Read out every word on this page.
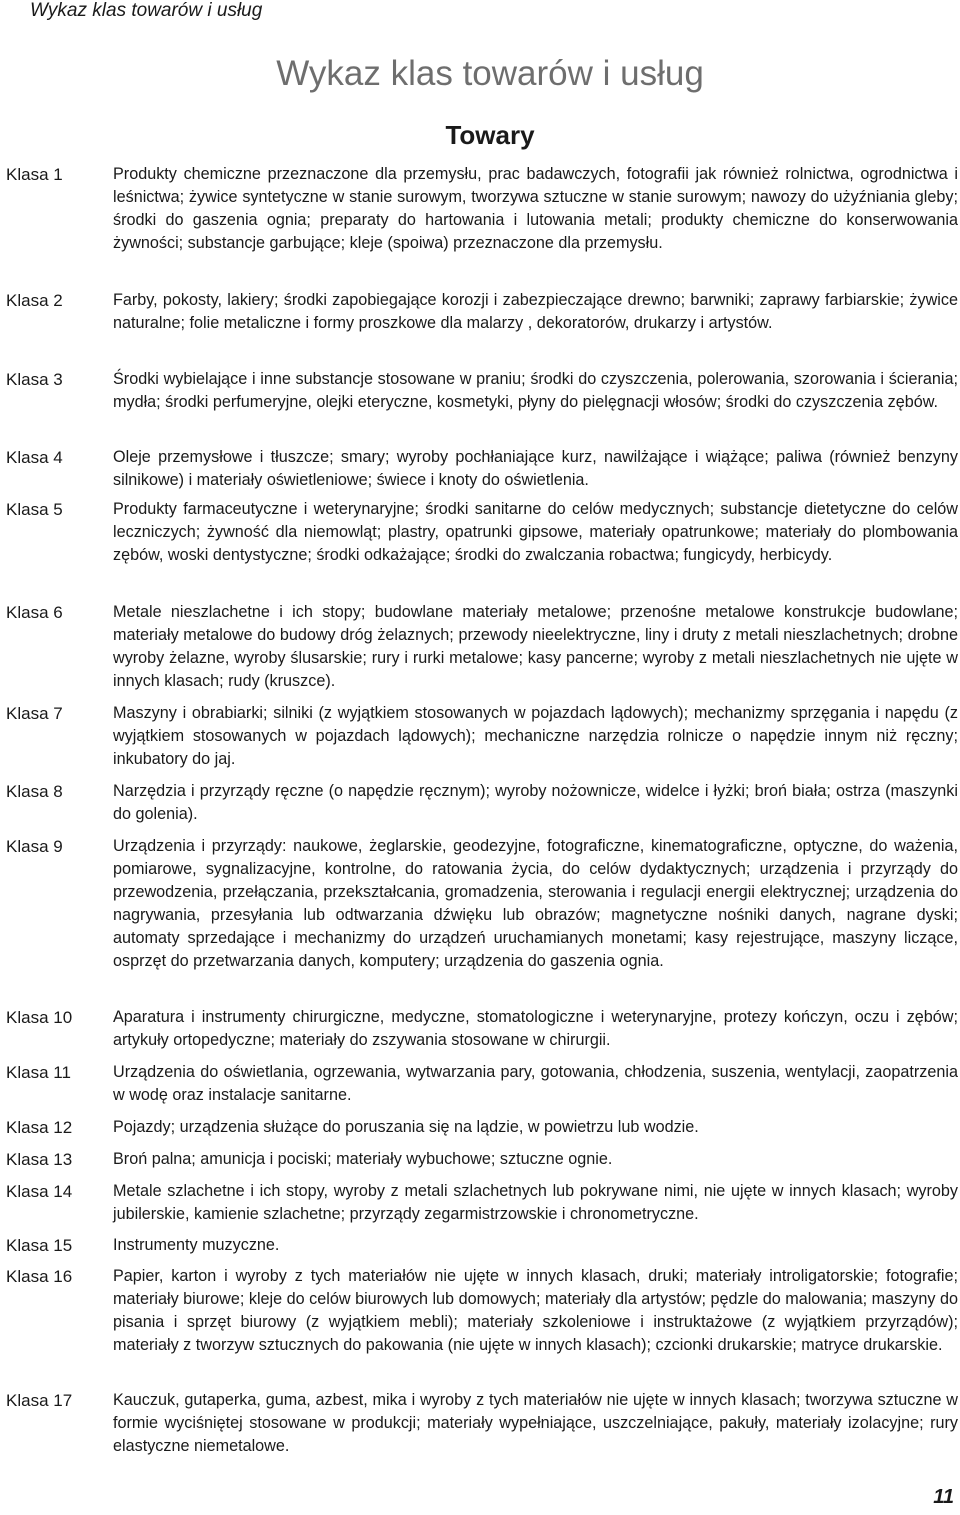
Wykaz klas towarów i usług
Wykaz klas towarów i usług
Towary
Klasa 1	Produkty chemiczne przeznaczone dla przemysłu, prac badawczych, fotografii jak również rolnictwa, ogrodnictwa i leśnictwa; żywice syntetyczne w stanie surowym, tworzywa sztuczne w stanie surowym; nawozy do użyźniania gleby; środki do gaszenia ognia; preparaty do hartowania i lutowania metali; produkty chemiczne do konserwowania żywności; substancje garbujące; kleje (spoiwa) przeznaczone dla przemysłu.
Klasa 2	Farby, pokosty, lakiery; środki zapobiegające korozji i zabezpieczające drewno; barwniki; zaprawy farbiarskie; żywice naturalne; folie metaliczne i formy proszkowe dla malarzy , dekoratorów, drukarzy i artystów.
Klasa 3	Środki wybielające i inne substancje stosowane w praniu; środki do czyszczenia, polerowania, szorowania i ścierania; mydła; środki perfumeryjne, olejki eteryczne, kosmetyki, płyny do pielęgnacji włosów; środki do czyszczenia zębów.
Klasa 4	Oleje przemysłowe i tłuszcze; smary; wyroby pochłaniające kurz, nawilżające i wiążące; paliwa (również benzyny silnikowe) i materiały oświetleniowe; świece i knoty do oświetlenia.
Klasa 5	Produkty farmaceutyczne i weterynaryjne; środki sanitarne do celów medycznych; substancje dietetyczne do celów leczniczych; żywność dla niemowląt; plastry, opatrunki gipsowe, materiały opatrunkowe; materiały do plombowania zębów, woski dentystyczne; środki odkażające; środki do zwalczania robactwa; fungicydy, herbicydy.
Klasa 6	Metale nieszlachetne i ich stopy; budowlane materiały metalowe; przenośne metalowe konstrukcje budowlane; materiały metalowe do budowy dróg żelaznych; przewody nieelektryczne, liny i druty z metali nieszlachetnych; drobne wyroby żelazne, wyroby ślusarskie; rury i rurki metalowe; kasy pancerne; wyroby z metali nieszlachetnych nie ujęte w innych klasach; rudy (kruszce).
Klasa 7	Maszyny i obrabiarki; silniki (z wyjątkiem stosowanych w pojazdach lądowych); mechanizmy sprzęgania i napędu (z wyjątkiem stosowanych w pojazdach lądowych); mechaniczne narzędzia rolnicze o napędzie innym niż ręczny; inkubatory do jaj.
Klasa 8	Narzędzia i przyrządy ręczne (o napędzie ręcznym); wyroby nożownicze, widelce i łyżki; broń biała; ostrza (maszynki do golenia).
Klasa 9	Urządzenia i przyrządy: naukowe, żeglarskie, geodezyjne, fotograficzne, kinematograficzne, optyczne, do ważenia, pomiarowe, sygnalizacyjne, kontrolne, do ratowania życia, do celów dydaktycznych; urządzenia i przyrządy do przewodzenia, przełączania, przekształcania, gromadzenia, sterowania i regulacji energii elektrycznej; urządzenia do nagrywania, przesyłania lub odtwarzania dźwięku lub obrazów; magnetyczne nośniki danych, nagrane dyski; automaty sprzedające i mechanizmy do urządzeń uruchamianych monetami; kasy rejestrujące, maszyny liczące, osprzęt do przetwarzania danych, komputery; urządzenia do gaszenia ognia.
Klasa 10	Aparatura i instrumenty chirurgiczne, medyczne, stomatologiczne i weterynaryjne, protezy kończyn, oczu i zębów; artykuły ortopedyczne; materiały do zszywania stosowane w chirurgii.
Klasa 11	Urządzenia do oświetlania, ogrzewania, wytwarzania pary, gotowania, chłodzenia, suszenia, wentylacji, zaopatrzenia w wodę oraz instalacje sanitarne.
Klasa 12	Pojazdy; urządzenia służące do poruszania się na lądzie, w powietrzu lub wodzie.
Klasa 13	Broń palna; amunicja i pociski; materiały wybuchowe; sztuczne ognie.
Klasa 14	Metale szlachetne i ich stopy, wyroby z metali szlachetnych lub pokrywane nimi, nie ujęte w innych klasach; wyroby jubilerskie, kamienie szlachetne; przyrządy zegarmistrzowskie i chronometryczne.
Klasa 15	Instrumenty muzyczne.
Klasa 16	Papier, karton i wyroby z tych materiałów nie ujęte w innych klasach, druki; materiały introligatorskie; fotografie; materiały biurowe; kleje do celów biurowych lub domowych; materiały dla artystów; pędzle do malowania; maszyny do pisania i sprzęt biurowy (z wyjątkiem mebli); materiały szkoleniowe i instruktażowe (z wyjątkiem przyrządów); materiały z tworzyw sztucznych do pakowania (nie ujęte w innych klasach); czcionki drukarskie; matryce drukarskie.
Klasa 17	Kauczuk, gutaperka, guma, azbest, mika i wyroby z tych materiałów nie ujęte w innych klasach; tworzywa sztuczne w formie wyciśniętej stosowane w produkcji; materiały wypełniające, uszczelniające, pakuły, materiały izolacyjne; rury elastyczne niemetalowe.
11
